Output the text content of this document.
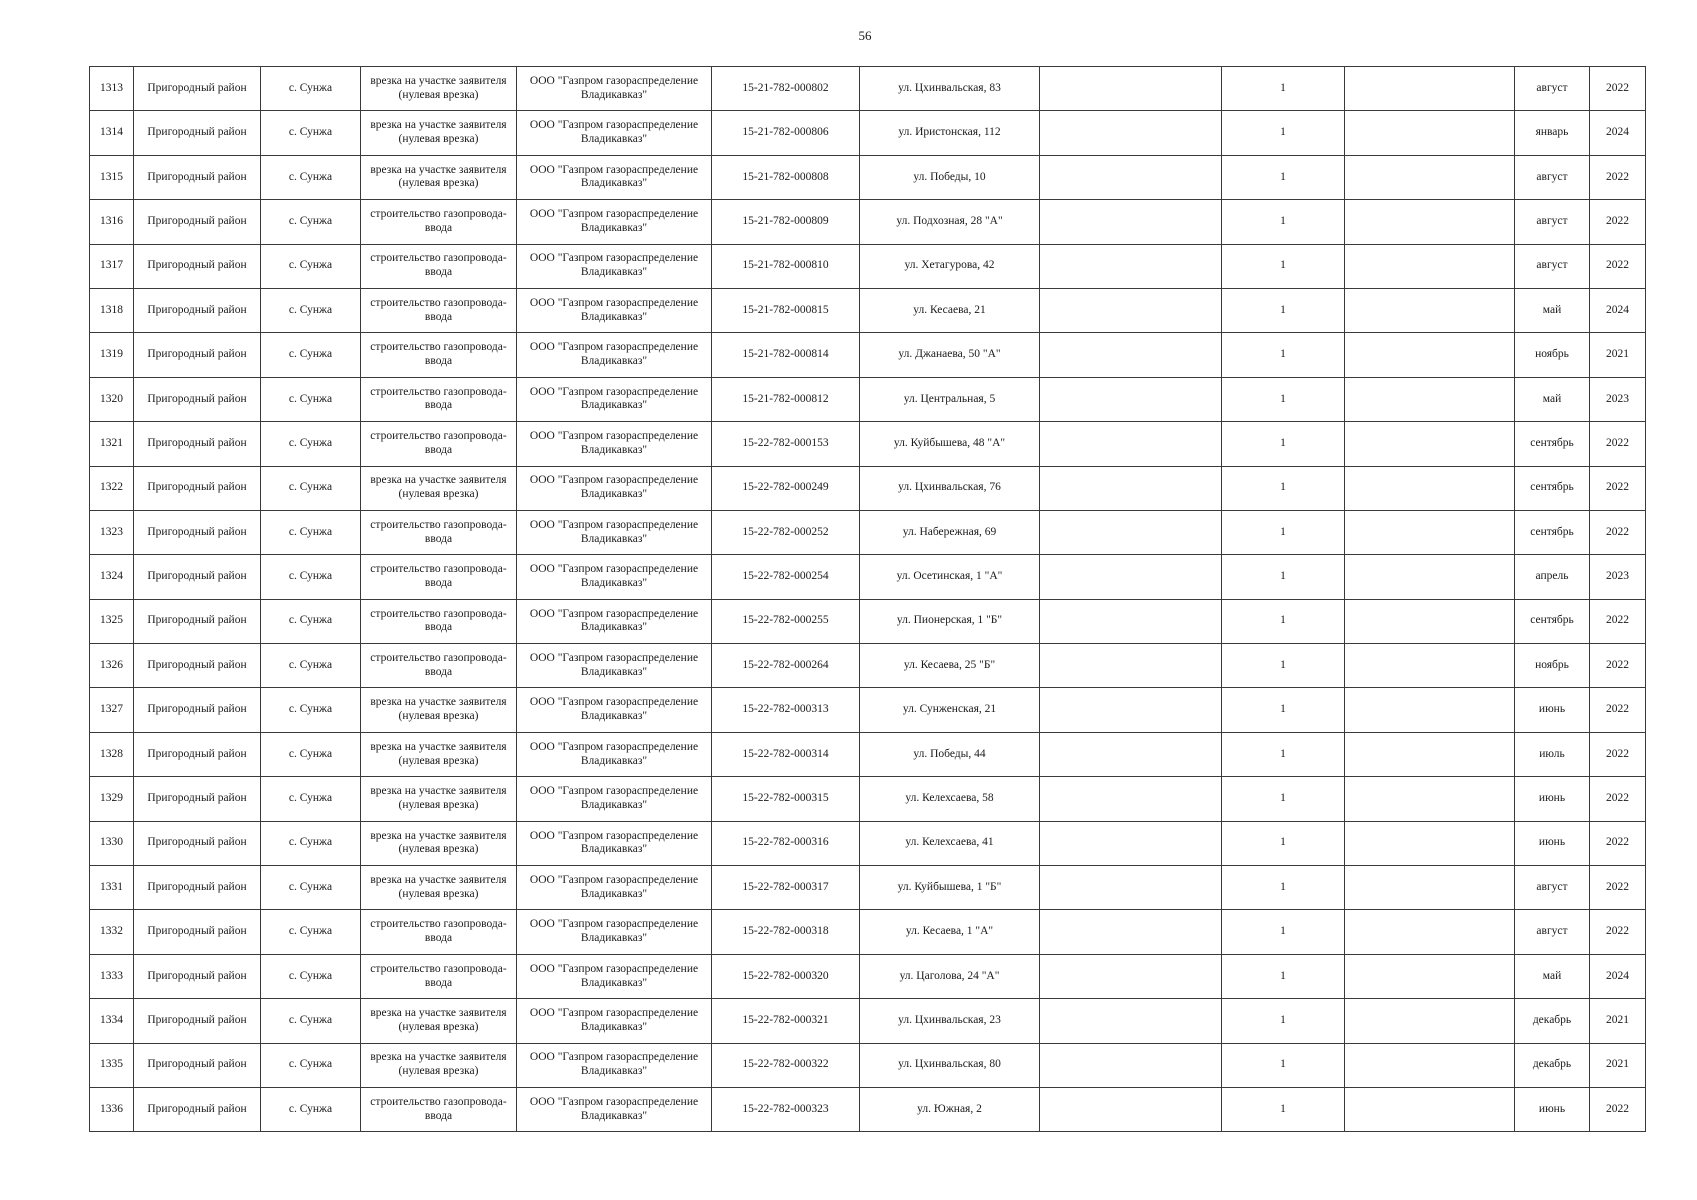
56
1313	Пригородный район	с. Сунжа	врезка на участке заявителя (нулевая врезка)	ООО "Газпром газораспределение Владикавказ"	15-21-782-000802	ул. Цхинвальская, 83		1		август	2022
1314	Пригородный район	с. Сунжа	врезка на участке заявителя (нулевая врезка)	ООО "Газпром газораспределение Владикавказ"	15-21-782-000806	ул. Иристонская, 112		1		январь	2024
1315	Пригородный район	с. Сунжа	врезка на участке заявителя (нулевая врезка)	ООО "Газпром газораспределение Владикавказ"	15-21-782-000808	ул. Победы, 10		1		август	2022
1316	Пригородный район	с. Сунжа	строительство газопровода-ввода	ООО "Газпром газораспределение Владикавказ"	15-21-782-000809	ул. Подхозная, 28 "А"		1		август	2022
1317	Пригородный район	с. Сунжа	строительство газопровода-ввода	ООО "Газпром газораспределение Владикавказ"	15-21-782-000810	ул. Хетагурова, 42		1		август	2022
1318	Пригородный район	с. Сунжа	строительство газопровода-ввода	ООО "Газпром газораспределение Владикавказ"	15-21-782-000815	ул. Кесаева, 21		1		май	2024
1319	Пригородный район	с. Сунжа	строительство газопровода-ввода	ООО "Газпром газораспределение Владикавказ"	15-21-782-000814	ул. Джанаева, 50 "А"		1		ноябрь	2021
1320	Пригородный район	с. Сунжа	строительство газопровода-ввода	ООО "Газпром газораспределение Владикавказ"	15-21-782-000812	ул. Центральная, 5		1		май	2023
1321	Пригородный район	с. Сунжа	строительство газопровода-ввода	ООО "Газпром газораспределение Владикавказ"	15-22-782-000153	ул. Куйбышева, 48 "А"		1		сентябрь	2022
1322	Пригородный район	с. Сунжа	врезка на участке заявителя (нулевая врезка)	ООО "Газпром газораспределение Владикавказ"	15-22-782-000249	ул. Цхинвальская, 76		1		сентябрь	2022
1323	Пригородный район	с. Сунжа	строительство газопровода-ввода	ООО "Газпром газораспределение Владикавказ"	15-22-782-000252	ул. Набережная, 69		1		сентябрь	2022
1324	Пригородный район	с. Сунжа	строительство газопровода-ввода	ООО "Газпром газораспределение Владикавказ"	15-22-782-000254	ул. Осетинская, 1 "А"		1		апрель	2023
1325	Пригородный район	с. Сунжа	строительство газопровода-ввода	ООО "Газпром газораспределение Владикавказ"	15-22-782-000255	ул. Пионерская, 1 "Б"		1		сентябрь	2022
1326	Пригородный район	с. Сунжа	строительство газопровода-ввода	ООО "Газпром газораспределение Владикавказ"	15-22-782-000264	ул. Кесаева, 25 "Б"		1		ноябрь	2022
1327	Пригородный район	с. Сунжа	врезка на участке заявителя (нулевая врезка)	ООО "Газпром газораспределение Владикавказ"	15-22-782-000313	ул. Сунженская, 21		1		июнь	2022
1328	Пригородный район	с. Сунжа	врезка на участке заявителя (нулевая врезка)	ООО "Газпром газораспределение Владикавказ"	15-22-782-000314	ул. Победы, 44		1		июль	2022
1329	Пригородный район	с. Сунжа	врезка на участке заявителя (нулевая врезка)	ООО "Газпром газораспределение Владикавказ"	15-22-782-000315	ул. Келехсаева, 58		1		июнь	2022
1330	Пригородный район	с. Сунжа	врезка на участке заявителя (нулевая врезка)	ООО "Газпром газораспределение Владикавказ"	15-22-782-000316	ул. Келехсаева, 41		1		июнь	2022
1331	Пригородный район	с. Сунжа	врезка на участке заявителя (нулевая врезка)	ООО "Газпром газораспределение Владикавказ"	15-22-782-000317	ул. Куйбышева, 1 "Б"		1		август	2022
1332	Пригородный район	с. Сунжа	строительство газопровода-ввода	ООО "Газпром газораспределение Владикавказ"	15-22-782-000318	ул. Кесаева, 1 "А"		1		август	2022
1333	Пригородный район	с. Сунжа	строительство газопровода-ввода	ООО "Газпром газораспределение Владикавказ"	15-22-782-000320	ул. Цаголова, 24 "А"		1		май	2024
1334	Пригородный район	с. Сунжа	врезка на участке заявителя (нулевая врезка)	ООО "Газпром газораспределение Владикавказ"	15-22-782-000321	ул. Цхинвальская, 23		1		декабрь	2021
1335	Пригородный район	с. Сунжа	врезка на участке заявителя (нулевая врезка)	ООО "Газпром газораспределение Владикавказ"	15-22-782-000322	ул. Цхинвальская, 80		1		декабрь	2021
1336	Пригородный район	с. Сунжа	строительство газопровода-ввода	ООО "Газпром газораспределение Владикавказ"	15-22-782-000323	ул. Южная, 2		1		июнь	2022
